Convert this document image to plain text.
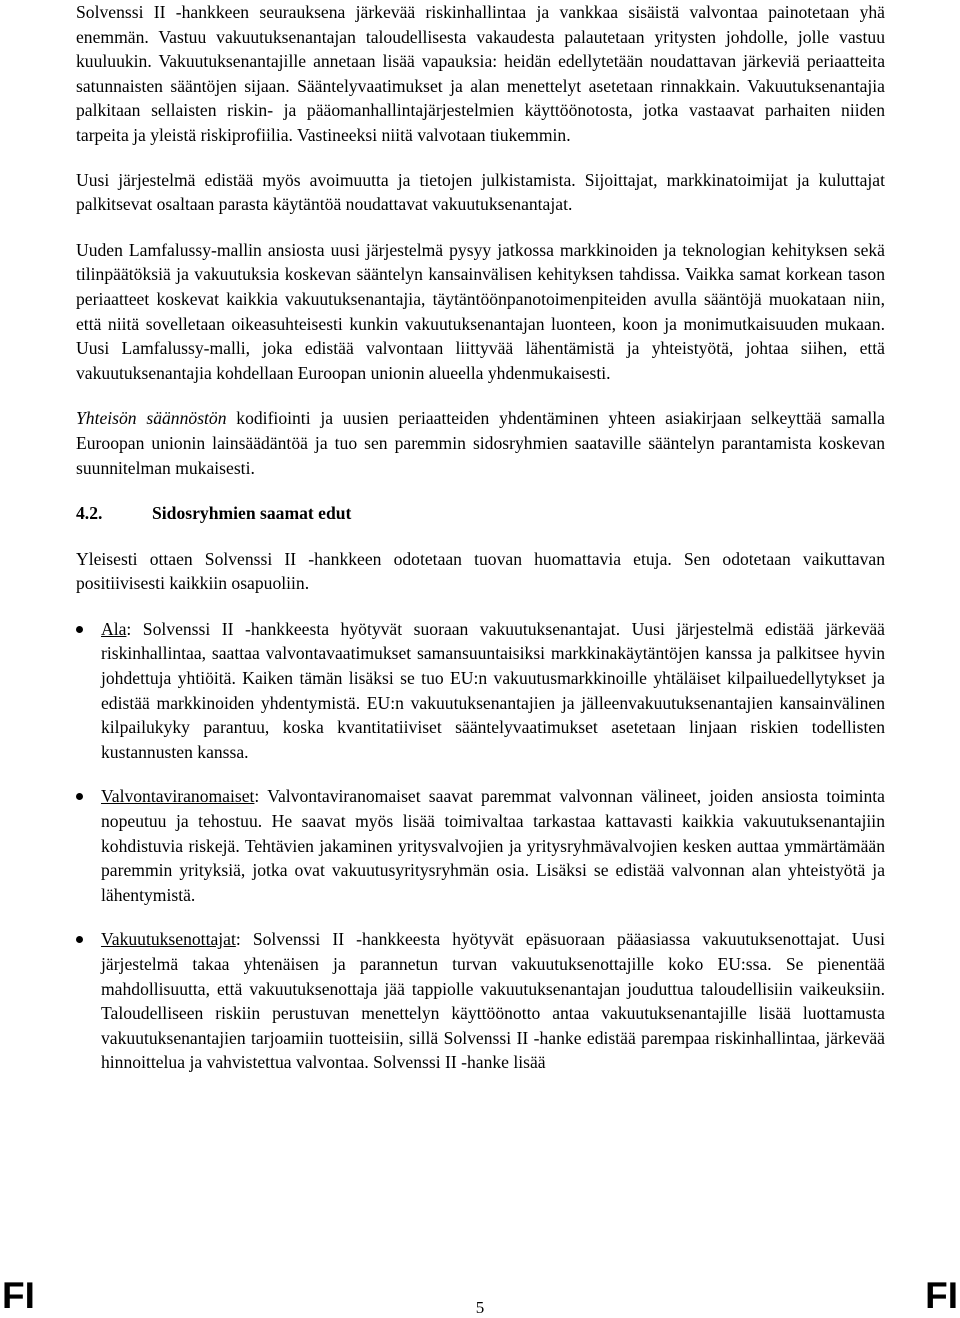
Solvenssi II -hankkeen seurauksena järkevää riskinhallintaa ja vankkaa sisäistä valvontaa painotetaan yhä enemmän. Vastuu vakuutuksenantajan taloudellisesta vakaudesta palautetaan yritysten johdolle, jolle vastuu kuuluukin. Vakuutuksenantajille annetaan lisää vapauksia: heidän edellytetään noudattavan järkeviä periaatteita satunnaisten sääntöjen sijaan. Sääntelyvaatimukset ja alan menettelyt asetetaan rinnakkain. Vakuutuksenantajia palkitaan sellaisten riskin- ja pääomanhallintajärjestelmien käyttöönotosta, jotka vastaavat parhaiten niiden tarpeita ja yleistä riskiprofiilia. Vastineeksi niitä valvotaan tiukemmin.

Uusi järjestelmä edistää myös avoimuutta ja tietojen julkistamista. Sijoittajat, markkinatoimijat ja kuluttajat palkitsevat osaltaan parasta käytäntöä noudattavat vakuutuksenantajat.

Uuden Lamfalussy-mallin ansiosta uusi järjestelmä pysyy jatkossa markkinoiden ja teknologian kehityksen sekä tilinpäätöksiä ja vakuutuksia koskevan sääntelyn kansainvälisen kehityksen tahdissa. Vaikka samat korkean tason periaatteet koskevat kaikkia vakuutuksenantajia, täytäntöönpanotoimenpiteiden avulla sääntöjä muokataan niin, että niitä sovelletaan oikeasuhteisesti kunkin vakuutuksenantajan luonteen, koon ja monimutkaisuuden mukaan. Uusi Lamfalussy-malli, joka edistää valvontaan liittyvää lähentämistä ja yhteistyötä, johtaa siihen, että vakuutuksenantajia kohdellaan Euroopan unionin alueella yhdenmukaisesti.

Yhteisön säännöstön kodifiointi ja uusien periaatteiden yhdentäminen yhteen asiakirjaan selkeyttää samalla Euroopan unionin lainsäädäntöä ja tuo sen paremmin sidosryhmien saataville sääntelyn parantamista koskevan suunnitelman mukaisesti.

4.2.	Sidosryhmien saamat edut

Yleisesti ottaen Solvenssi II -hankkeen odotetaan tuovan huomattavia etuja. Sen odotetaan vaikuttavan positiivisesti kaikkiin osapuoliin.

Ala: Solvenssi II -hankkeesta hyötyvät suoraan vakuutuksenantajat. Uusi järjestelmä edistää järkevää riskinhallintaa, saattaa valvontavaatimukset samansuuntaisiksi markkinakäytäntöjen kanssa ja palkitsee hyvin johdettuja yhtiöitä. Kaiken tämän lisäksi se tuo EU:n vakuutusmarkkinoille yhtäläiset kilpailuedellytykset ja edistää markkinoiden yhdentymistä. EU:n vakuutuksenantajien ja jälleenvakuutuksenantajien kansainvälinen kilpailukyky parantuu, koska kvantitatiiviset sääntelyvaatimukset asetetaan linjaan riskien todellisten kustannusten kanssa.

Valvontaviranomaiset: Valvontaviranomaiset saavat paremmat valvonnan välineet, joiden ansiosta toiminta nopeutuu ja tehostuu. He saavat myös lisää toimivaltaa tarkastaa kattavasti kaikkia vakuutuksenantajiin kohdistuvia riskejä. Tehtävien jakaminen yritysvalvojien ja yritysryhmävalvojien kesken auttaa ymmärtämään paremmin yrityksiä, jotka ovat vakuutusyritysryhmän osia. Lisäksi se edistää valvonnan alan yhteistyötä ja lähentymistä.

Vakuutuksenottajat: Solvenssi II -hankkeesta hyötyvät epäsuoraan pääasiassa vakuutuksenottajat. Uusi järjestelmä takaa yhtenäisen ja parannetun turvan vakuutuksenottajille koko EU:ssa. Se pienentää mahdollisuutta, että vakuutuksenottaja jää tappiolle vakuutuksenantajan jouduttua taloudellisiin vaikeuksiin. Taloudelliseen riskiin perustuvan menettelyn käyttöönotto antaa vakuutuksenantajille lisää luottamusta vakuutuksenantajien tarjoamiin tuotteisiin, sillä Solvenssi II -hanke edistää parempaa riskinhallintaa, järkevää hinnoittelua ja vahvistettua valvontaa. Solvenssi II -hanke lisää

FI	5	FI
